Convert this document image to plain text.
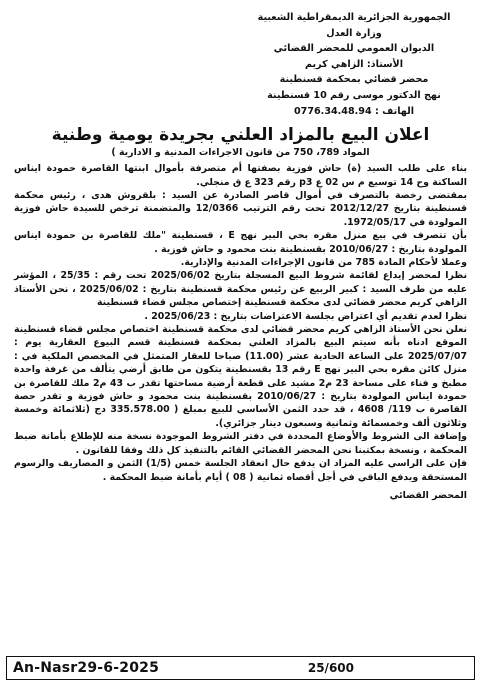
الجمهورية الجزائرية الديمقراطية الشعبية
وزارة العدل
الديوان العمومي للمحضر القضائي
الأستاذ: الزاهي كريم
محضر قضائي بمحكمة قسنطينة
نهج الدكتور موسى رقم 10 قسنطينة
الهاتف : 0776.34.48.94
اعلان البيع بالمزاد العلني بجريدة يومية وطنية
المواد 789، 750 من قانون الاجراءات المدنية و الادارية )

بناء على طلب السيد (ة) حاش فوزية بصفتها أم متصرفة بأموال ابنتها القاصرة حمودة ايناس الساكنة وح 14 توسيع م س 02 ع p3 رقم 323 ع ق منجلي.

بمقتضى رخصة بالتصرف في أموال قاصر الصادرة عن السيد : بلقروش هدى ، رئيس محكمة قسنطينة بتاريخ 2012/12/27 تحت رقم الترتيب 12/0366 والمتضمنة ترخص للسيدة حاش فوزية المولودة في 1972/05/17.

بأن تتصرف في بيع منزل مقره بحي البير نهج E ، قسنطينة "ملك للقاصرة بن حمودة ايناس المولودة بتاريخ : 2010/06/27 بقسنطينة بنت محمود و حاش فوزية .

وعملا لأحكام المادة 785 من قانون الإجراءات المدنية والإدارية.

نظرا لمحضر إيداع لقائمة شروط البيع المسجلة بتاريخ 2025/06/02 تحت رقم : 25/35 ، المؤشر عليه من طرف السيد : كبير الربيع عن رئيس محكمة قسنطينة بتاريخ : 2025/06/02 ، نحن الأستاذ الزاهي كريم محضر قضائي لدى محكمة قسنطينة إختصاص مجلس قضاء قسنطينة

نظرا لعدم تقديم أي اعتراض بجلسة الاعتراضات بتاريخ : 2025/06/23 .

نعلن نحن الأستاذ الزاهي كريم محضر قضائي لدى محكمة قسنطينة اختصاص مجلس قضاء قسنطينة الموقع ادناه بأنه سيتم البيع بالمزاد العلني بمحكمة قسنطينة قسم البيوع العقارية يوم : 2025/07/07 على الساعة الحادية عشر (11.00) صباحا للعقار المتمثل في المخصص الملكية في : منزل كائن مقره بحي البير نهج E رقم 13 بقسنطينة يتكون من طابق أرضي يتألف من غرفة واحدة مطبخ و فناء على مساحة 23 م2 مشيد على قطعة أرضية مساحتها تقدر ب 43 م2 ملك للقاصرة بن حمودة ايناس المولودة بتاريخ : 2010/06/27 بقسنطينة بنت محمود و حاش فوزية و تقدر حصة القاصرة ب 119/ 4608 ، قد حدد الثمن الأساسي للبيع بمبلغ ( 335.578.00 دج (ثلاثمائة وخمسة وثلاثون ألف وخمسمائة وثمانية وسبعون دينار جزائري).

وإضافة الى الشروط والأوضاع المحددة في دفتر الشروط الموجودة نسخة منه للإطلاع بأمانة ضبط المحكمة ، ونسخة بمكتبنا نحن المحضر القضائي القائم بالتنفيذ كل ذلك وفقا للقانون .

فإن على الراسي عليه المزاد ان يدفع حال انعقاد الجلسة خمس (1/5) الثمن و المصاريف والرسوم المستحقة ويدفع الباقي في أجل أقصاه ثمانية ( 08 ) أيام بأمانة ضبط المحكمة .

المحضر القضائي
An-Nasr29-6-2025	25/600
